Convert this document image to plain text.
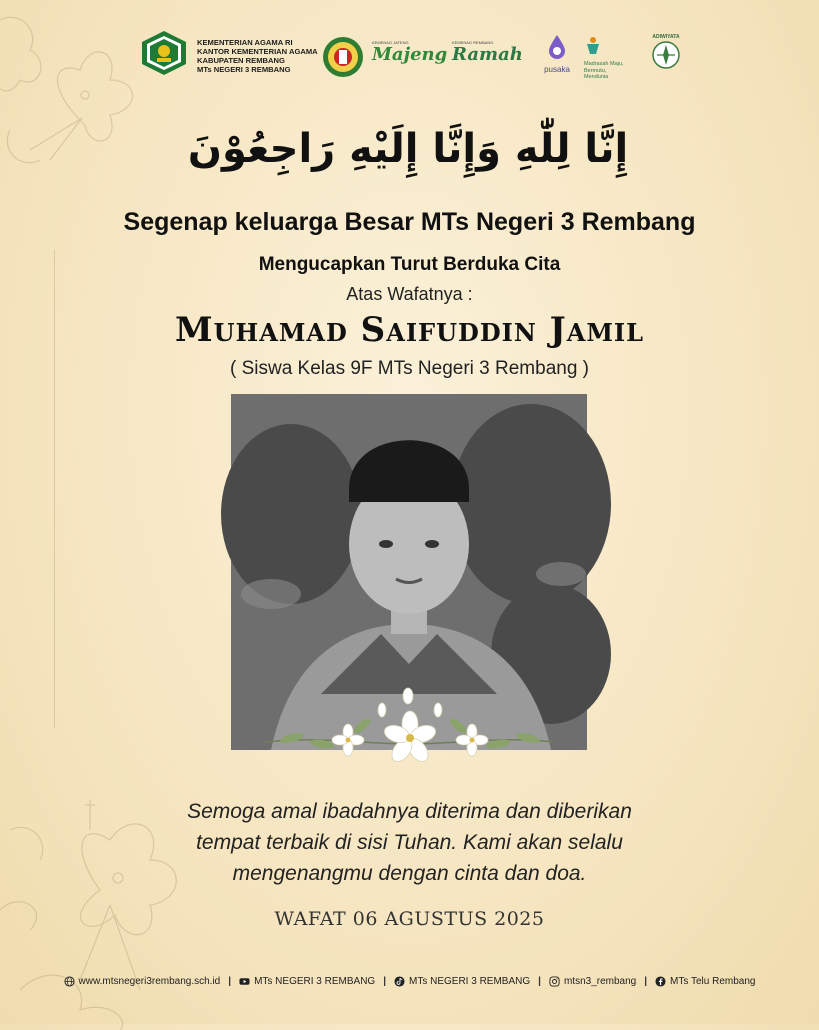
KEMENTERIAN AGAMA RI
KANTOR KEMENTERIAN AGAMA
KABUPATEN REMBANG
MTs NEGERI 3 REMBANG
KEMENAG JATENG
Majeng
KEMENAG REMBANG
Ramah
pusaka
Madrasah Maju,
Bermutu,
Mendunia
ADIWIYATA
إِنَّا لِلّٰهِ وَإِنَّا إِلَيْهِ رَاجِعُوْنَ
Segenap keluarga Besar MTs Negeri 3 Rembang
Mengucapkan Turut Berduka Cita
Atas Wafatnya :
Muhamad Saifuddin Jamil
( Siswa Kelas 9F MTs Negeri 3 Rembang )
Semoga amal ibadahnya diterima dan diberikan
tempat terbaik di sisi Tuhan. Kami akan selalu
mengenangmu dengan cinta dan doa.
WAFAT 06 AGUSTUS 2025
www.mtsnegeri3rembang.sch.id | MTs NEGERI 3 REMBANG | MTs NEGERI 3 REMBANG | mtsn3_rembang | MTs Telu Rembang
